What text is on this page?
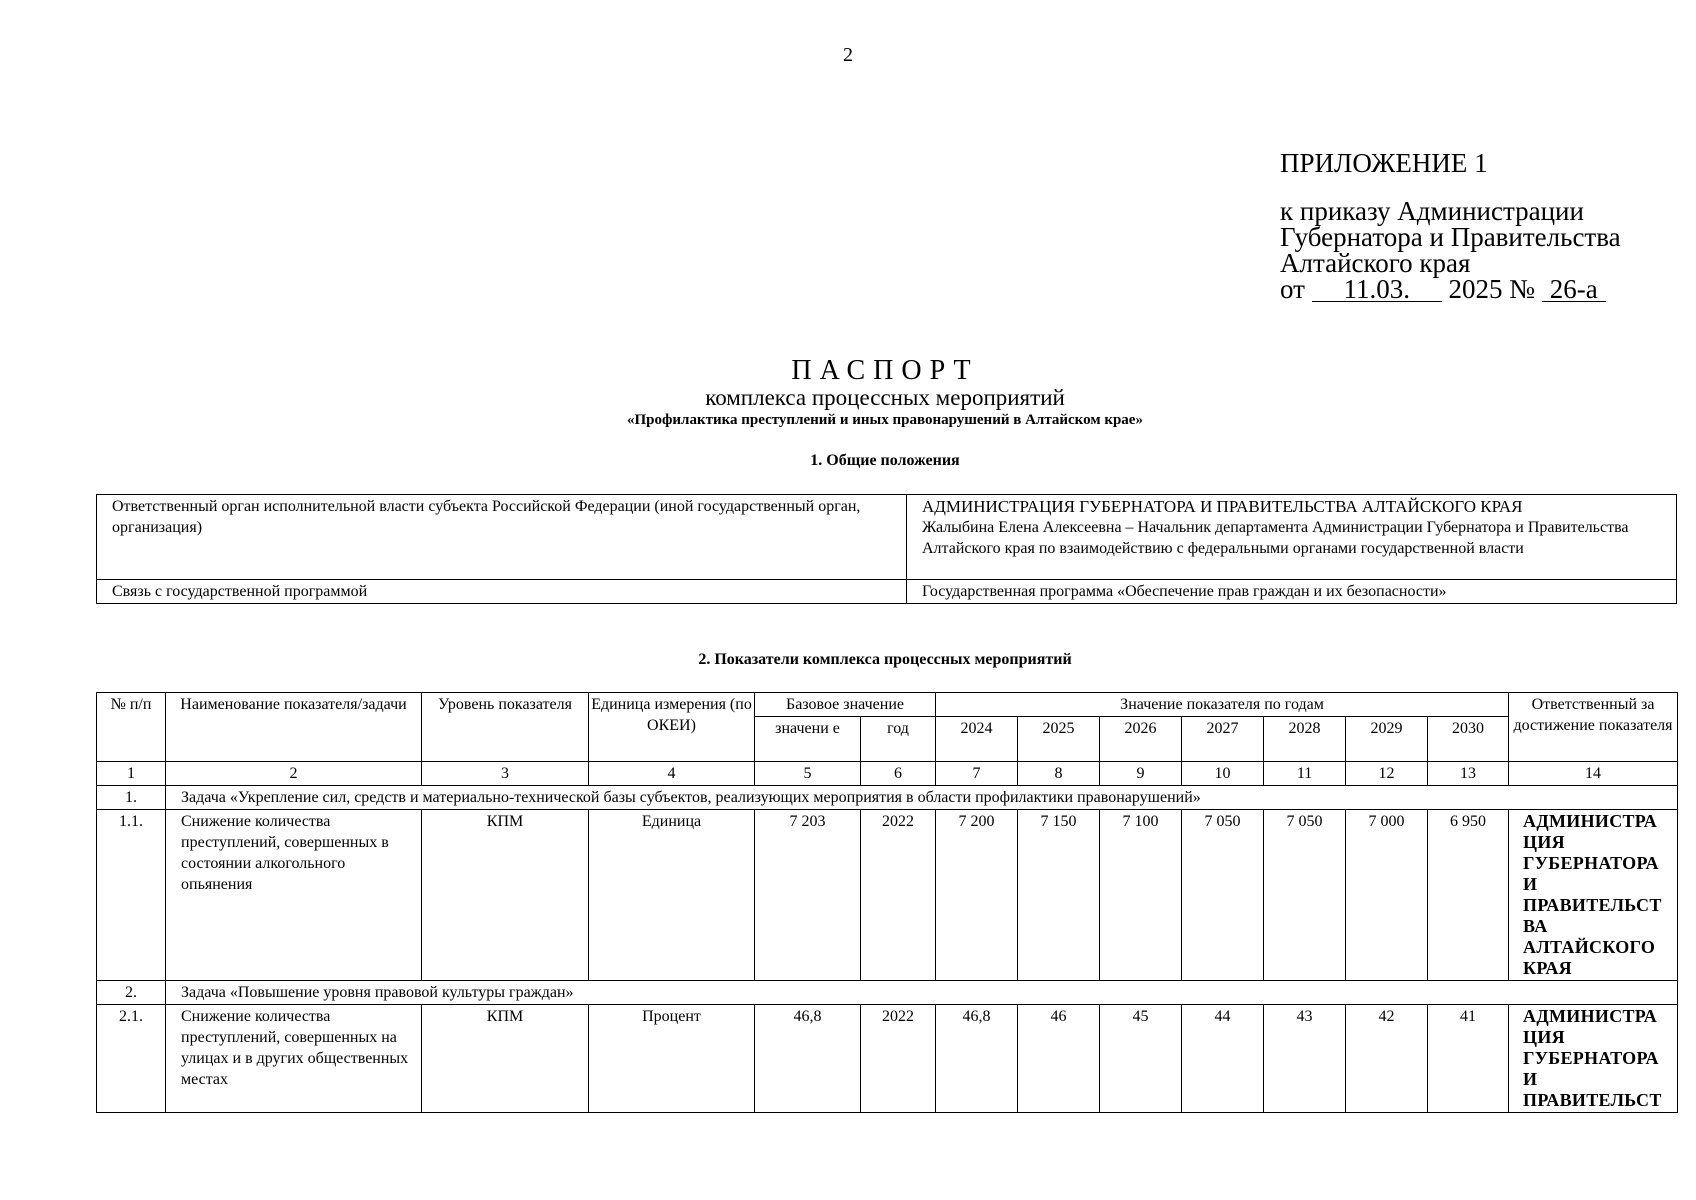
2
ПРИЛОЖЕНИЕ 1
к приказу Администрации
Губернатора и Правительства
Алтайского края
от 11.03. 2025 № 26-а
ПАСПОРТ
комплекса процессных мероприятий
«Профилактика преступлений и иных правонарушений в Алтайском крае»
1. Общие положения
Ответственный орган исполнительной власти субъекта Российской Федерации (иной государственный орган, организация)	АДМИНИСТРАЦИЯ ГУБЕРНАТОРА И ПРАВИТЕЛЬСТВА АЛТАЙСКОГО КРАЯ
Жалыбина Елена Алексеевна – Начальник департамента Администрации Губернатора и Правительства Алтайского края по взаимодействию с федеральными органами государственной власти

Связь с государственной программой	Государственная программа «Обеспечение прав граждан и их безопасности»
2. Показатели комплекса процессных мероприятий
№ п/п	Наименование показателя/задачи	Уровень показателя	Единица измерения (по ОКЕИ)	Базовое значение		Значение показателя по годам							Ответственный за достижение показателя
				значени е	год	2024	2025	2026	2027	2028	2029	2030	
1	2	3	4	5	6	7	8	9	10	11	12	13	14
1.	Задача «Укрепление сил, средств и материально-технической базы субъектов, реализующих мероприятия в области профилактики правонарушений»												
1.1.	Снижение количества преступлений, совершенных в состоянии алкогольного опьянения	КПМ	Единица	7 203	2022	7 200	7 150	7 100	7 050	7 050	7 000	6 950	АДМИНИСТРА ЦИЯ ГУБЕРНАТОРА И ПРАВИТЕЛЬСТ ВА АЛТАЙСКОГО КРАЯ
2.	Задача «Повышение уровня правовой культуры граждан»												
2.1.	Снижение количества преступлений, совершенных на улицах и в других общественных местах	КПМ	Процент	46,8	2022	46,8	46	45	44	43	42	41	АДМИНИСТРА ЦИЯ ГУБЕРНАТОРА И ПРАВИТЕЛЬСТ
